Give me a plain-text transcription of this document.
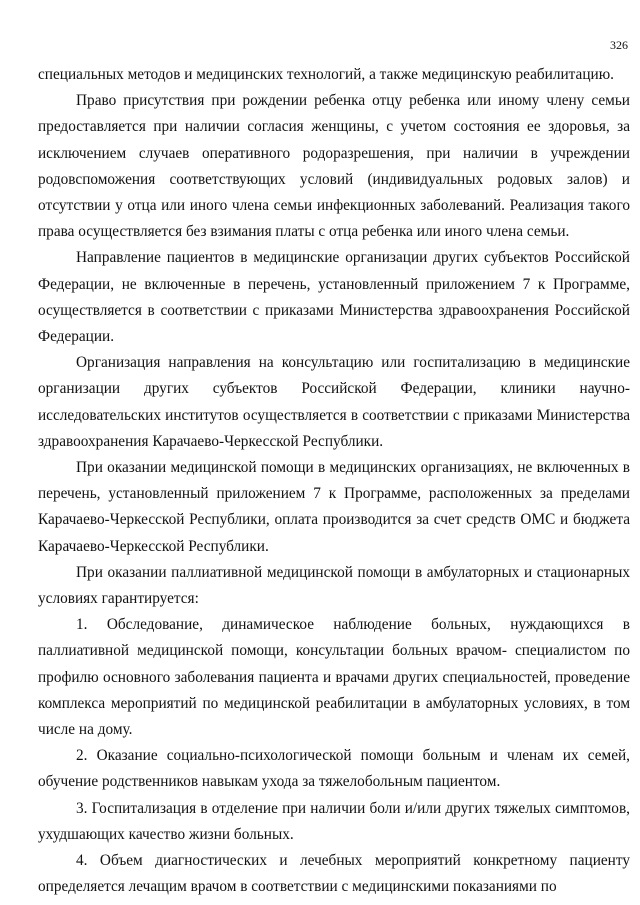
326

специальных методов и медицинских технологий, а также медицинскую реабилитацию.

Право присутствия при рождении ребенка отцу ребенка или иному члену семьи предоставляется при наличии согласия женщины, с учетом состояния ее здоровья, за исключением случаев оперативного родоразрешения, при наличии в учреждении родовспоможения соответствующих условий (индивидуальных родовых залов) и отсутствии у отца или иного члена семьи инфекционных заболеваний. Реализация такого права осуществляется без взимания платы с отца ребенка или иного члена семьи.

Направление пациентов в медицинские организации других субъектов Российской Федерации, не включенные в перечень, установленный приложением 7 к Программе, осуществляется в соответствии с приказами Министерства здравоохранения Российской Федерации.

Организация направления на консультацию или госпитализацию в медицинские организации других субъектов Российской Федерации, клиники научно-исследовательских институтов осуществляется в соответствии с приказами Министерства здравоохранения Карачаево-Черкесской Республики.

При оказании медицинской помощи в медицинских организациях, не включенных в перечень, установленный приложением 7 к Программе, расположенных за пределами Карачаево-Черкесской Республики, оплата производится за счет средств ОМС и бюджета Карачаево-Черкесской Республики.

При оказании паллиативной медицинской помощи в амбулаторных и стационарных условиях гарантируется:

1. Обследование, динамическое наблюдение больных, нуждающихся в паллиативной медицинской помощи, консультации больных врачом- специалистом по профилю основного заболевания пациента и врачами других специальностей, проведение комплекса мероприятий по медицинской реабилитации в амбулаторных условиях, в том числе на дому.

2. Оказание социально-психологической помощи больным и членам их семей, обучение родственников навыкам ухода за тяжелобольным пациентом.

3. Госпитализация в отделение при наличии боли и/или других тяжелых симптомов, ухудшающих качество жизни больных.

4. Объем диагностических и лечебных мероприятий конкретному пациенту определяется лечащим врачом в соответствии с медицинскими показаниями по
